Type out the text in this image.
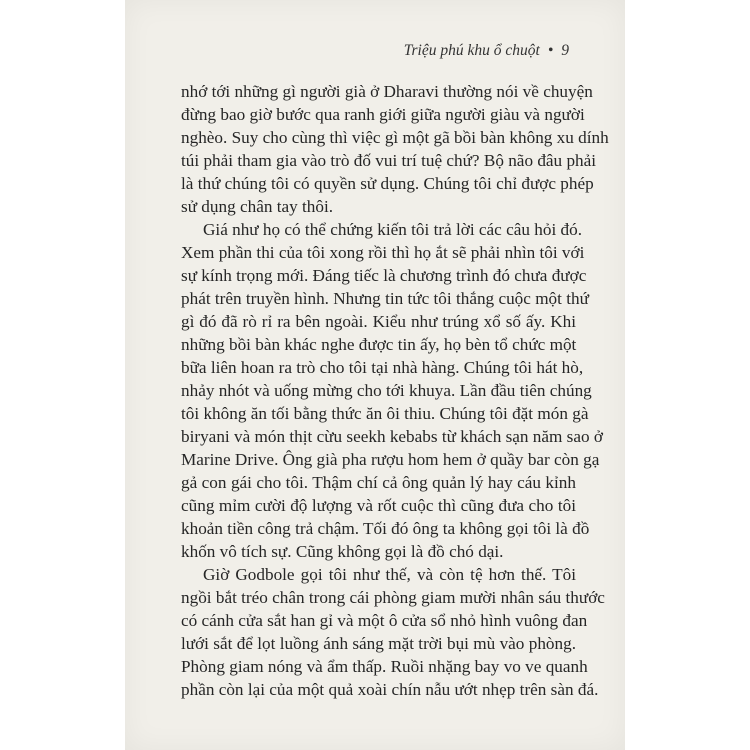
Triệu phú khu ổ chuột • 9
nhớ tới những gì người già ở Dharavi thường nói về chuyện
đừng bao giờ bước qua ranh giới giữa người giàu và người
nghèo. Suy cho cùng thì việc gì một gã bồi bàn không xu dính
túi phải tham gia vào trò đố vui trí tuệ chứ? Bộ não đâu phải
là thứ chúng tôi có quyền sử dụng. Chúng tôi chỉ được phép
sử dụng chân tay thôi.
Giá như họ có thể chứng kiến tôi trả lời các câu hỏi đó.
Xem phần thi của tôi xong rồi thì họ ắt sẽ phải nhìn tôi với
sự kính trọng mới. Đáng tiếc là chương trình đó chưa được
phát trên truyền hình. Nhưng tin tức tôi thắng cuộc một thứ
gì đó đã rò rỉ ra bên ngoài. Kiểu như trúng xổ số ấy. Khi
những bồi bàn khác nghe được tin ấy, họ bèn tổ chức một
bữa liên hoan ra trò cho tôi tại nhà hàng. Chúng tôi hát hò,
nhảy nhót và uống mừng cho tới khuya. Lần đầu tiên chúng
tôi không ăn tối bằng thức ăn ôi thiu. Chúng tôi đặt món gà
biryani và món thịt cừu seekh kebabs từ khách sạn năm sao ở
Marine Drive. Ông già pha rượu hom hem ở quầy bar còn gạ
gả con gái cho tôi. Thậm chí cả ông quản lý hay cáu kỉnh
cũng mỉm cười độ lượng và rốt cuộc thì cũng đưa cho tôi
khoản tiền công trả chậm. Tối đó ông ta không gọi tôi là đồ
khốn vô tích sự. Cũng không gọi là đồ chó dại.
Giờ Godbole gọi tôi như thế, và còn tệ hơn thế. Tôi
ngồi bắt tréo chân trong cái phòng giam mười nhân sáu thước
có cánh cửa sắt han gỉ và một ô cửa sổ nhỏ hình vuông đan
lưới sắt để lọt luồng ánh sáng mặt trời bụi mù vào phòng.
Phòng giam nóng và ẩm thấp. Ruồi nhặng bay vo ve quanh
phần còn lại của một quả xoài chín nẫu ướt nhẹp trên sàn đá.
